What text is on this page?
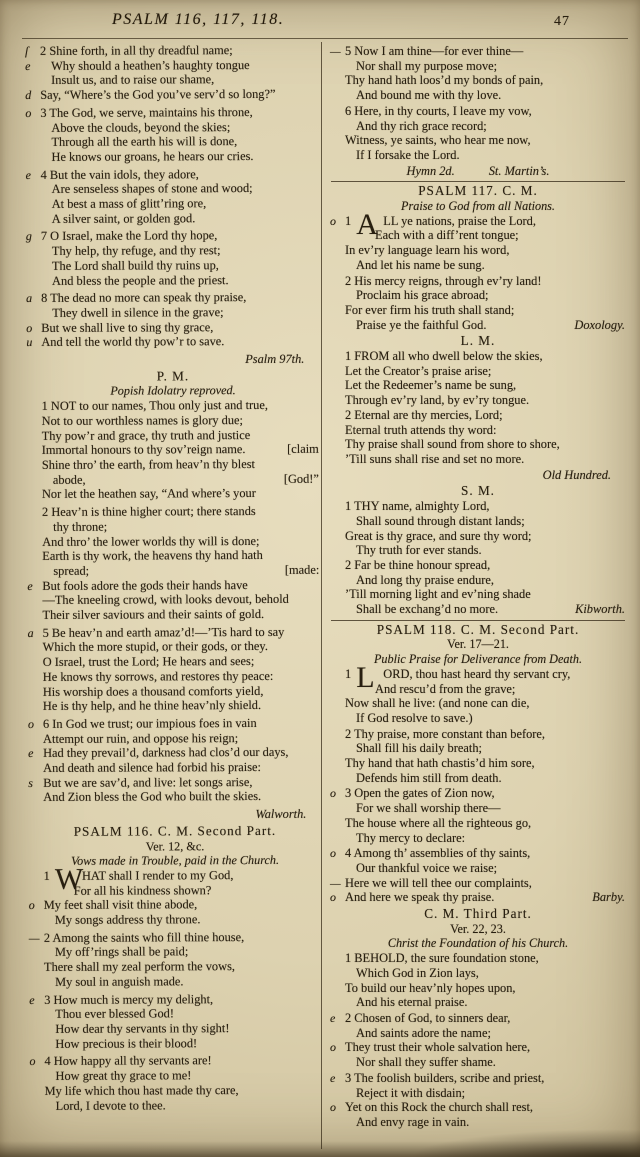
PSALM 116, 117, 118.	47
ſ 2 Shine forth, in all thy dreadful name;
e Why should a heathen’s haughty tongue
Insult us, and to raise our shame,
d Say, “Where’s the God you’ve serv’d so long?”
o 3 The God, we serve, maintains his throne,
Above the clouds, beyond the skies;
Through all the earth his will is done,
He knows our groans, he hears our cries.
e 4 But the vain idols, they adore,
Are senseless shapes of stone and wood;
At best a mass of glitt’ring ore,
A silver saint, or golden god.
g 7 O Israel, make the Lord thy hope,
Thy help, thy refuge, and thy rest;
The Lord shall build thy ruins up,
And bless the people and the priest.
a 8 The dead no more can speak thy praise,
They dwell in silence in the grave;
o But we shall live to sing thy grace,
u And tell the world thy pow’r to save.
Psalm 97th.
P. M.
Popish Idolatry reproved.
1 NOT to our names, Thou only just and true,
Not to our worthless names is glory due;
Thy pow’r and grace, thy truth and justice
Immortal honours to thy sov’reign name.	[claim
Shine thro’ the earth, from heav’n thy blest
abode,	[God!”
Nor let the heathen say, “And where’s your
2 Heav’n is thine higher court; there stands
thy throne;
And thro’ the lower worlds thy will is done;
Earth is thy work, the heavens thy hand hath
spread;	[made:
e But fools adore the gods their hands have
—The kneeling crowd, with looks devout, behold
Their silver saviours and their saints of gold.
a 5 Be heav’n and earth amaz’d!—’Tis hard to say
Which the more stupid, or their gods, or they.
O Israel, trust the Lord; He hears and sees;
He knows thy sorrows, and restores thy peace:
His worship does a thousand comforts yield,
He is thy help, and he thine heav’nly shield.
o 6 In God we trust; our impious foes in vain
Attempt our ruin, and oppose his reign;
e Had they prevail’d, darkness had clos’d our days,
And death and silence had forbid his praise:
s But we are sav’d, and live: let songs arise,
And Zion bless the God who built the skies.
Walworth.
PSALM 116. C. M. Second Part.
Ver. 12, &c.
Vows made in Trouble, paid in the Church.
1 W
HAT shall I render to my God,
For all his kindness shown?
o My feet shall visit thine abode,
My songs address thy throne.
— 2 Among the saints who fill thine house,
My off’rings shall be paid;
There shall my zeal perform the vows,
My soul in anguish made.
e 3 How much is mercy my delight,
Thou ever blessed God!
How dear thy servants in thy sight!
How precious is their blood!
o 4 How happy all thy servants are!
How great thy grace to me!
My life which thou hast made thy care,
Lord, I devote to thee.
— 5 Now I am thine—for ever thine—
Nor shall my purpose move;
Thy hand hath loos’d my bonds of pain,
And bound me with thy love.
6 Here, in thy courts, I leave my vow,
And thy rich grace record;
Witness, ye saints, who hear me now,
If I forsake the Lord.
Hymn 2d.	St. Martin’s.
PSALM 117. C. M.
Praise to God from all Nations.
o 1 A LL ye nations, praise the Lord,
Each with a diff’rent tongue;
In ev’ry language learn his word,
And let his name be sung.
2 His mercy reigns, through ev’ry land!
Proclaim his grace abroad;
For ever firm his truth shall stand;
Praise ye the faithful God.	Doxology.
L. M.
1 FROM all who dwell below the skies,
Let the Creator’s praise arise;
Let the Redeemer’s name be sung,
Through ev’ry land, by ev’ry tongue.
2 Eternal are thy mercies, Lord;
Eternal truth attends thy word:
Thy praise shall sound from shore to shore,
’Till suns shall rise and set no more.
Old Hundred.
S. M.
1 THY name, almighty Lord,
Shall sound through distant lands;
Great is thy grace, and sure thy word;
Thy truth for ever stands.
2 Far be thine honour spread,
And long thy praise endure,
’Till morning light and ev’ning shade
Shall be exchang’d no more.	Kibworth.
PSALM 118. C. M. Second Part.
Ver. 17—21.
Public Praise for Deliverance from Death.
1 L ORD, thou hast heard thy servant cry,
And rescu’d from the grave;
Now shall he live: (and none can die,
If God resolve to save.)
2 Thy praise, more constant than before,
Shall fill his daily breath;
Thy hand that hath chastis’d him sore,
Defends him still from death.
o 3 Open the gates of Zion now,
For we shall worship there—
The house where all the righteous go,
Thy mercy to declare:
o 4 Among th’ assemblies of thy saints,
Our thankful voice we raise;
— Here we will tell thee our complaints,
o And here we speak thy praise.	Barby.
C. M. Third Part.
Ver. 22, 23.
Christ the Foundation of his Church.
1 BEHOLD, the sure foundation stone,
Which God in Zion lays,
To build our heav’nly hopes upon,
And his eternal praise.
e 2 Chosen of God, to sinners dear,
And saints adore the name;
o They trust their whole salvation here,
Nor shall they suffer shame.
e 3 The foolish builders, scribe and priest,
Reject it with disdain;
o Yet on this Rock the church shall rest,
And envy rage in vain.
